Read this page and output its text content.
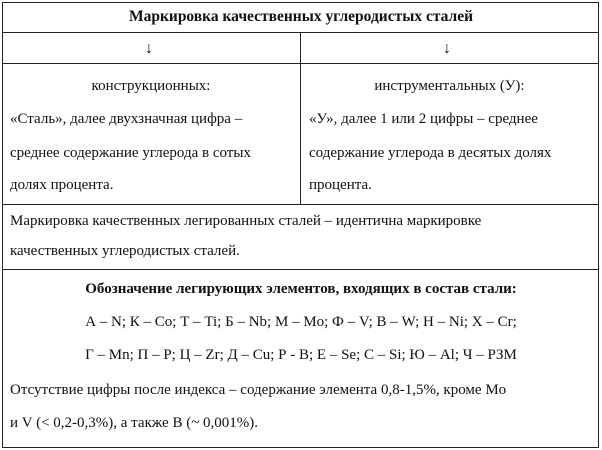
Маркировка качественных углеродистых сталей
↓	↓
конструкционных:
«Сталь», далее двухзначная цифра –
среднее содержание углерода в сотых
долях процента.
инструментальных (У):
«У», далее 1 или 2 цифры – среднее
содержание углерода в десятых долях
процента.
Маркировка качественных легированных сталей – идентична маркировке
качественных углеродистых сталей.
Обозначение легирующих элементов, входящих в состав стали:
А – N; К – Co; Т – Ti; Б – Nb; М – Mo; Ф – V; В – W; Н – Ni; Х – Cr;
Г – Mn; П – P; Ц – Zr; Д – Cu; Р - B; Е – Se; С – Si; Ю – Al; Ч – РЗМ
Отсутствие цифры после индекса – содержание элемента 0,8-1,5%, кроме Mo
и V (< 0,2-0,3%), а также B (~ 0,001%).
